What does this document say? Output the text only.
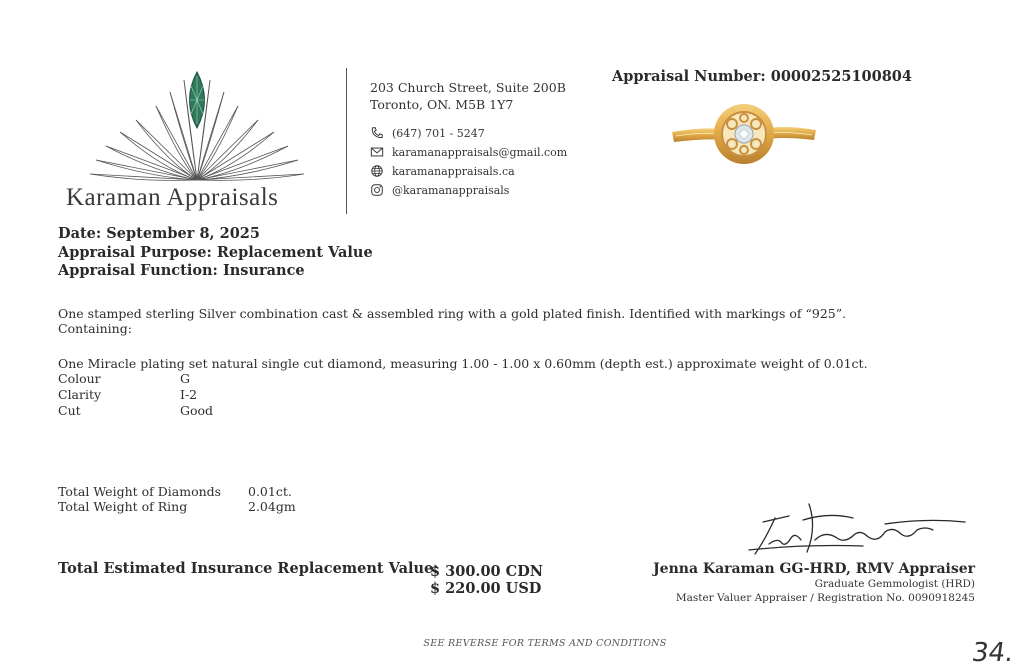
Karaman Appraisals
203 Church Street, Suite 200B
Toronto, ON. M5B 1Y7
(647) 701 - 5247
karamanappraisals@gmail.com
karamanappraisals.ca
@karamanappraisals
Appraisal Number: 00002525100804
Date: September 8, 2025
Appraisal Purpose: Replacement Value
Appraisal Function: Insurance
One stamped sterling Silver combination cast & assembled ring with a gold plated finish. Identified with markings of “925”.
Containing:
One Miracle plating set natural single cut diamond, measuring 1.00 - 1.00 x 0.60mm (depth est.) approximate weight of 0.01ct.
Colour	G
Clarity	I-2
Cut	Good
Total Weight of Diamonds 0.01ct.
Total Weight of Ring	2.04gm
Total Estimated Insurance Replacement Value:
$ 300.00 CDN
$ 220.00 USD
Jenna Karaman GG-HRD, RMV Appraiser
Graduate Gemmologist (HRD)
Master Valuer Appraiser / Registration No. 0090918245
SEE REVERSE FOR TERMS AND CONDITIONS	34.
